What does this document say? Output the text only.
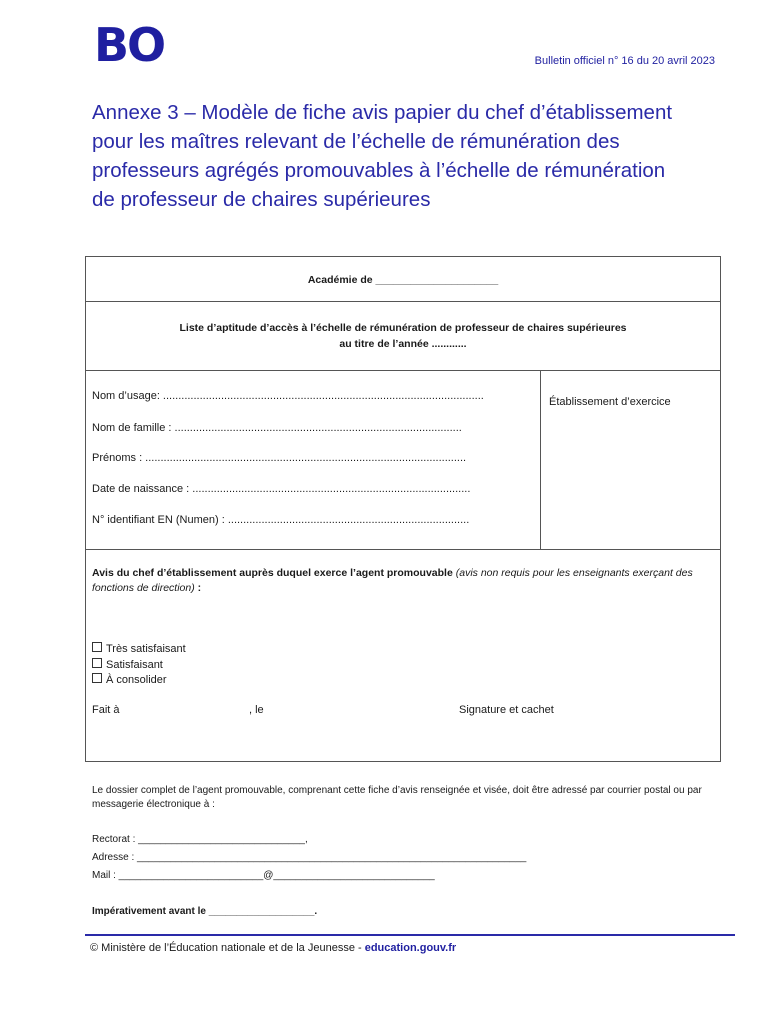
BO	Bulletin officiel n° 16 du 20 avril 2023
Annexe 3 – Modèle de fiche avis papier du chef d’établissement pour les maîtres relevant de l’échelle de rémunération des professeurs agrégés promouvables à l’échelle de rémunération de professeur de chaires supérieures
Académie de _____________________
Liste d’aptitude d’accès à l’échelle de rémunération de professeur de chaires supérieures
au titre de l’année ............
Nom d’usage: .........................................................................................................
Nom de famille : ..............................................................................................
Prénoms : .........................................................................................................
Date de naissance : ...........................................................................................
N° identifiant EN (Numen) : ...............................................................................
Établissement d’exercice
Avis du chef d’établissement auprès duquel exerce l’agent promouvable (avis non requis pour les enseignants exerçant des fonctions de direction) :
Très satisfaisant
Satisfaisant
À consolider
Fait à	, le	Signature et cachet
Le dossier complet de l’agent promouvable, comprenant cette fiche d’avis renseignée et visée, doit être adressé par courrier postal ou par messagerie électronique à :
Rectorat : ______________________________,
Adresse : ______________________________________________________________________
Mail : __________________________@_____________________________
Impérativement avant le ___________________.
© Ministère de l’Éducation nationale et de la Jeunesse - education.gouv.fr
